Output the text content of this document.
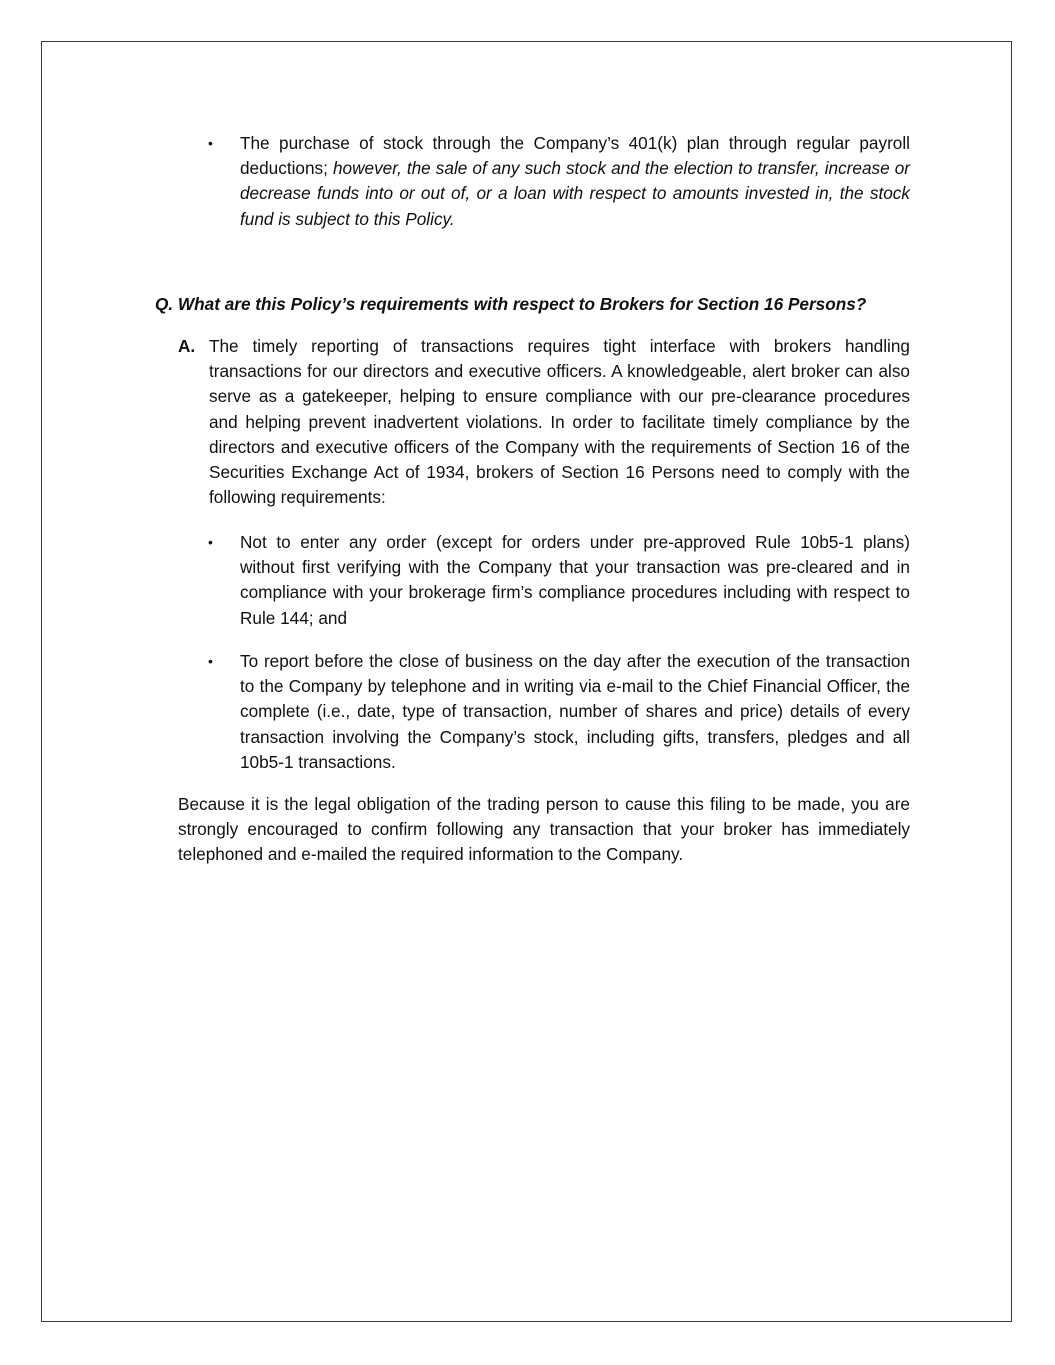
•	The purchase of stock through the Company’s 401(k) plan through regular payroll deductions; however, the sale of any such stock and the election to transfer, increase or decrease funds into or out of, or a loan with respect to amounts invested in, the stock fund is subject to this Policy.
Q. What are this Policy’s requirements with respect to Brokers for Section 16 Persons?
A. The timely reporting of transactions requires tight interface with brokers handling transactions for our directors and executive officers. A knowledgeable, alert broker can also serve as a gatekeeper, helping to ensure compliance with our pre-clearance procedures and helping prevent inadvertent violations. In order to facilitate timely compliance by the directors and executive officers of the Company with the requirements of Section 16 of the Securities Exchange Act of 1934, brokers of Section 16 Persons need to comply with the following requirements:
•	Not to enter any order (except for orders under pre-approved Rule 10b5-1 plans) without first verifying with the Company that your transaction was pre-cleared and in compliance with your brokerage firm’s compliance procedures including with respect to Rule 144; and
•	To report before the close of business on the day after the execution of the transaction to the Company by telephone and in writing via e-mail to the Chief Financial Officer, the complete (i.e., date, type of transaction, number of shares and price) details of every transaction involving the Company’s stock, including gifts, transfers, pledges and all 10b5-1 transactions.
Because it is the legal obligation of the trading person to cause this filing to be made, you are strongly encouraged to confirm following any transaction that your broker has immediately telephoned and e-mailed the required information to the Company.
